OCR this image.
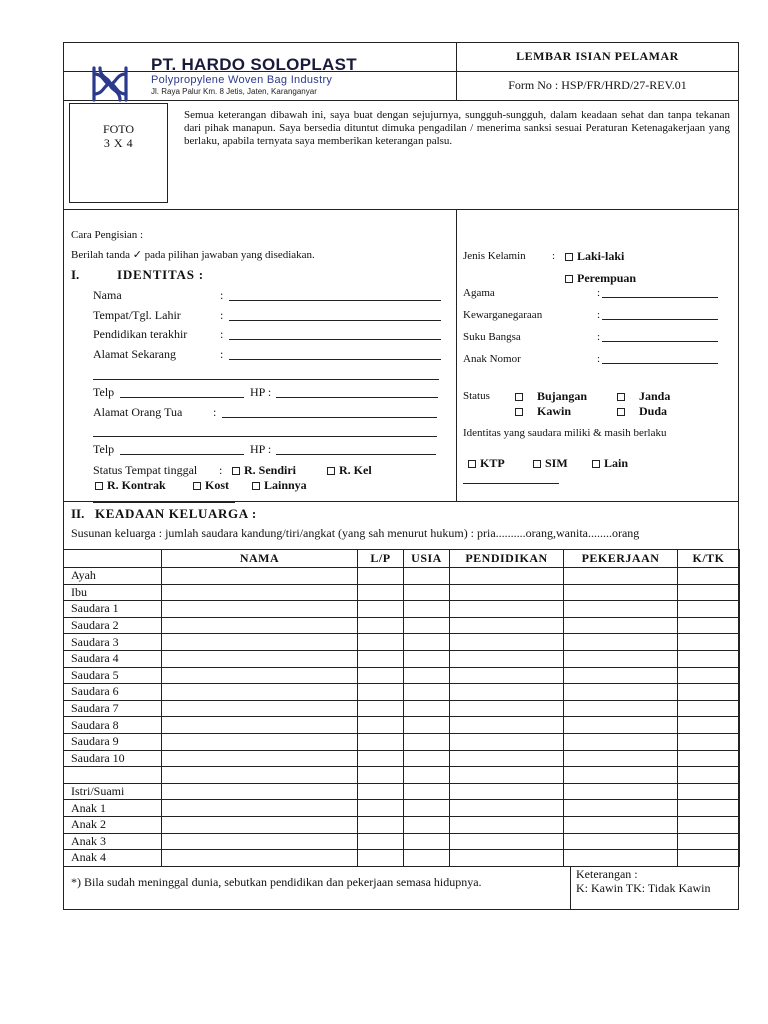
PT. HARDO SOLOPLAST
Polypropylene Woven Bag Industry
Jl. Raya Palur Km. 8 Jetis, Jaten, Karanganyar
LEMBAR ISIAN PELAMAR
Form No : HSP/FR/HRD/27-REV.01
FOTO
3 X 4
Semua keterangan dibawah ini, saya buat dengan sejujurnya, sungguh-sungguh, dalam keadaan sehat dan tanpa tekanan dari pihak manapun. Saya bersedia dituntut dimuka pengadilan / menerima sanksi sesuai Peraturan Ketenagakerjaan yang berlaku, apabila ternyata saya memberikan keterangan palsu.
Cara Pengisian :
Berilah tanda ✓ pada pilihan jawaban yang disediakan.
I.	IDENTITAS :
Nama	:
Tempat/Tgl. Lahir	:
Pendidikan terakhir	:
Alamat Sekarang	:
Telp	HP :
Alamat Orang Tua	:
Telp	HP :
Status Tempat tinggal :	R. Sendiri	R. Kel
R. Kontrak	Kost	Lainnya
Jenis Kelamin :	Laki-laki
Perempuan
Agama	:
Kewarganegaraan	:
Suku Bangsa	:
Anak Nomor	:
Status	Bujangan	Janda
Kawin	Duda
Identitas yang saudara miliki & masih berlaku
KTP	SIM	Lain
II. KEADAAN KELUARGA :
Susunan keluarga : jumlah saudara kandung/tiri/angkat (yang sah menurut hukum) : pria..........orang,wanita........orang
	NAMA	L/P	USIA	PENDIDIKAN	PEKERJAAN	K/TK
Ayah						
Ibu						
Saudara 1						
Saudara 2						
Saudara 3						
Saudara 4						
Saudara 5						
Saudara 6						
Saudara 7						
Saudara 8						
Saudara 9						
Saudara 10						

Istri/Suami						
Anak 1						
Anak 2						
Anak 3						
Anak 4						
*) Bila sudah meninggal dunia, sebutkan pendidikan dan pekerjaan semasa hidupnya.
Keterangan :
K: Kawin TK: Tidak Kawin
